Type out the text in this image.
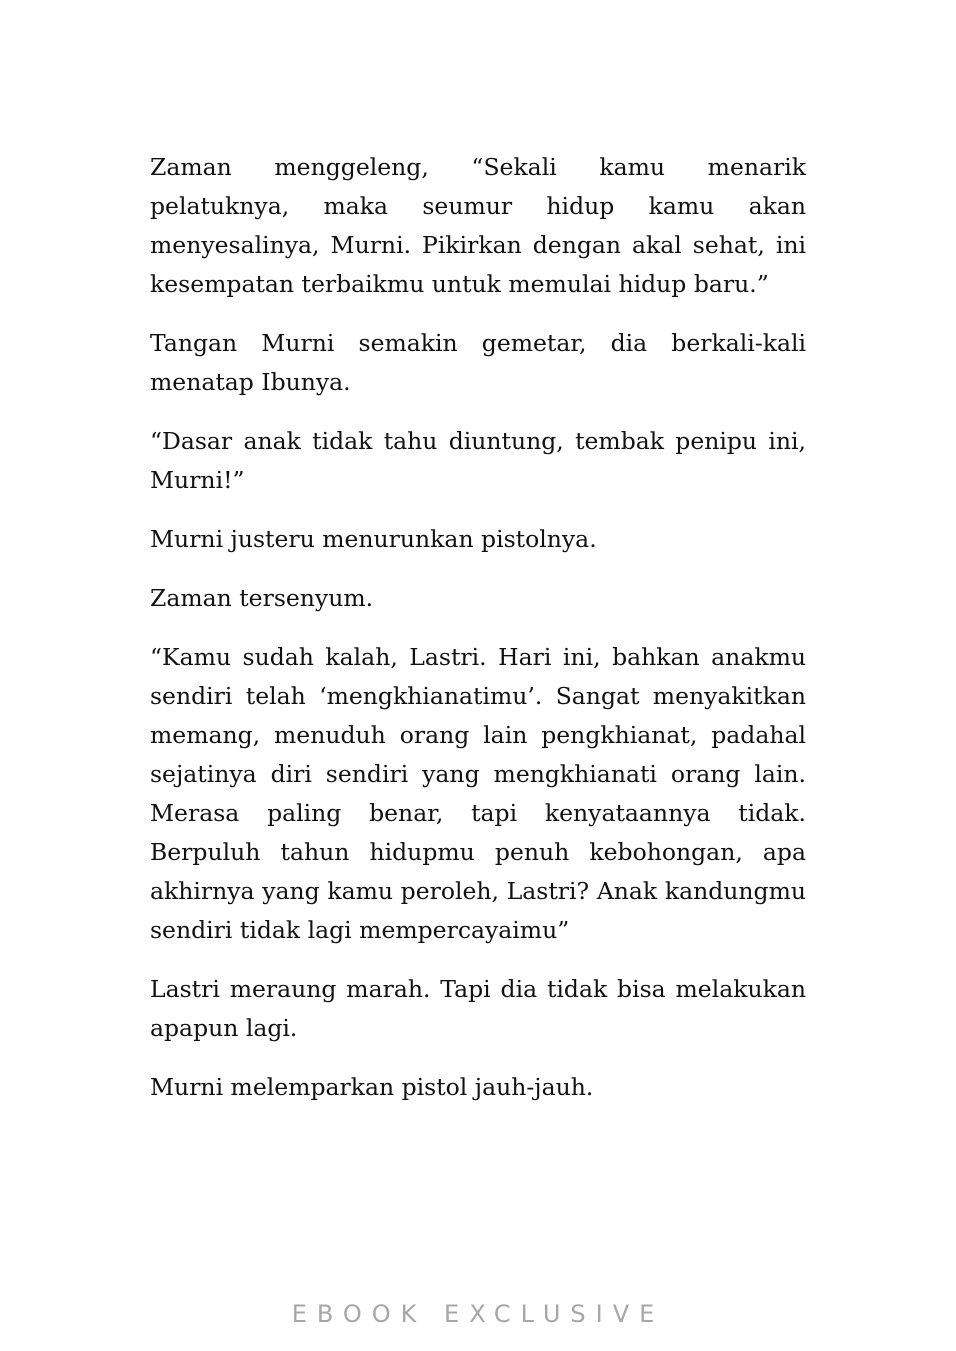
Zaman menggeleng, “Sekali kamu menarik pelatuknya, maka seumur hidup kamu akan menyesalinya, Murni. Pikirkan dengan akal sehat, ini kesempatan terbaikmu untuk memulai hidup baru.”

Tangan Murni semakin gemetar, dia berkali-kali menatap Ibunya.

“Dasar anak tidak tahu diuntung, tembak penipu ini, Murni!”

Murni justeru menurunkan pistolnya.

Zaman tersenyum.

“Kamu sudah kalah, Lastri. Hari ini, bahkan anakmu sendiri telah ‘mengkhianatimu’. Sangat menyakitkan memang, menuduh orang lain pengkhianat, padahal sejatinya diri sendiri yang mengkhianati orang lain. Merasa paling benar, tapi kenyataannya tidak. Berpuluh tahun hidupmu penuh kebohongan, apa akhirnya yang kamu peroleh, Lastri? Anak kandungmu sendiri tidak lagi mempercayaimu”

Lastri meraung marah. Tapi dia tidak bisa melakukan apapun lagi.

Murni melemparkan pistol jauh-jauh.

EBOOK EXCLUSIVE
